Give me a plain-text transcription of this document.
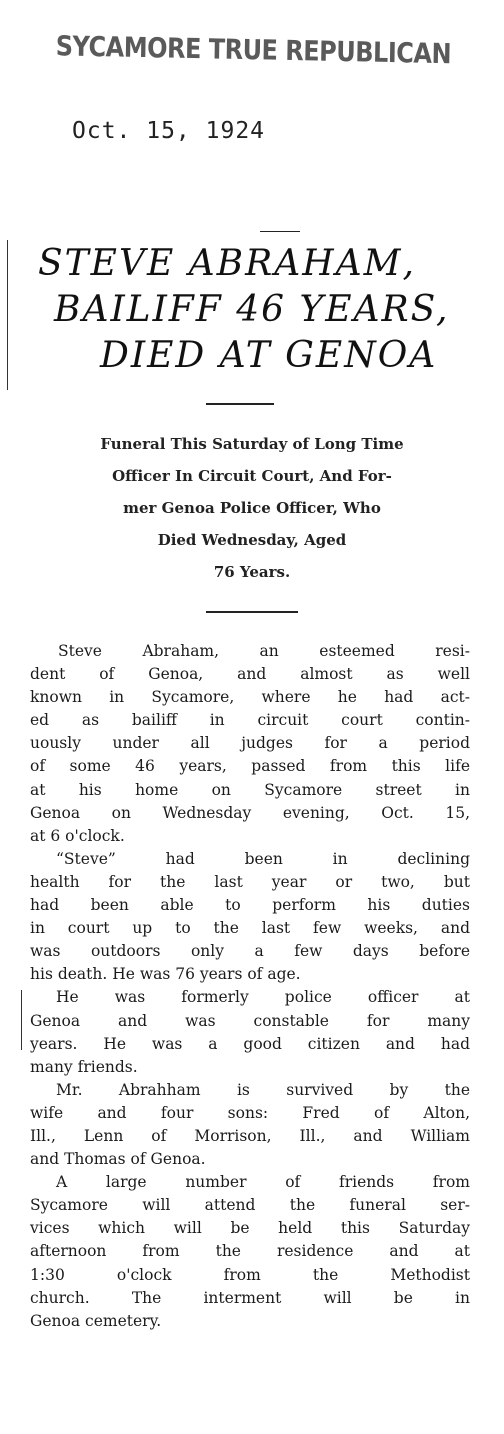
SYCAMORE TRUE REPUBLICAN
Oct. 15, 1924
STEVE ABRAHAM,
BAILIFF 46 YEARS,
DIED AT GENOA
Funeral This Saturday of Long Time
Officer In Circuit Court, And For-
mer Genoa Police Officer, Who
Died Wednesday, Aged
76 Years.
Steve Abraham, an esteemed resi-
dent of Genoa, and almost as well
known in Sycamore, where he had act-
ed as bailiff in circuit court contin-
uously under all judges for a period
of some 46 years, passed from this life
at his home on Sycamore street in
Genoa on Wednesday evening, Oct. 15,
at 6 o'clock.
“Steve” had been in declining
health for the last year or two, but
had been able to perform his duties
in court up to the last few weeks, and
was outdoors only a few days before
his death. He was 76 years of age.
He was formerly police officer at
Genoa and was constable for many
years. He was a good citizen and had
many friends.
Mr. Abrahham is survived by the
wife and four sons: Fred of Alton,
Ill., Lenn of Morrison, Ill., and William
and Thomas of Genoa.
A large number of friends from
Sycamore will attend the funeral ser-
vices which will be held this Saturday
afternoon from the residence and at
1:30 o'clock from the Methodist
church. The interment will be in
Genoa cemetery.
